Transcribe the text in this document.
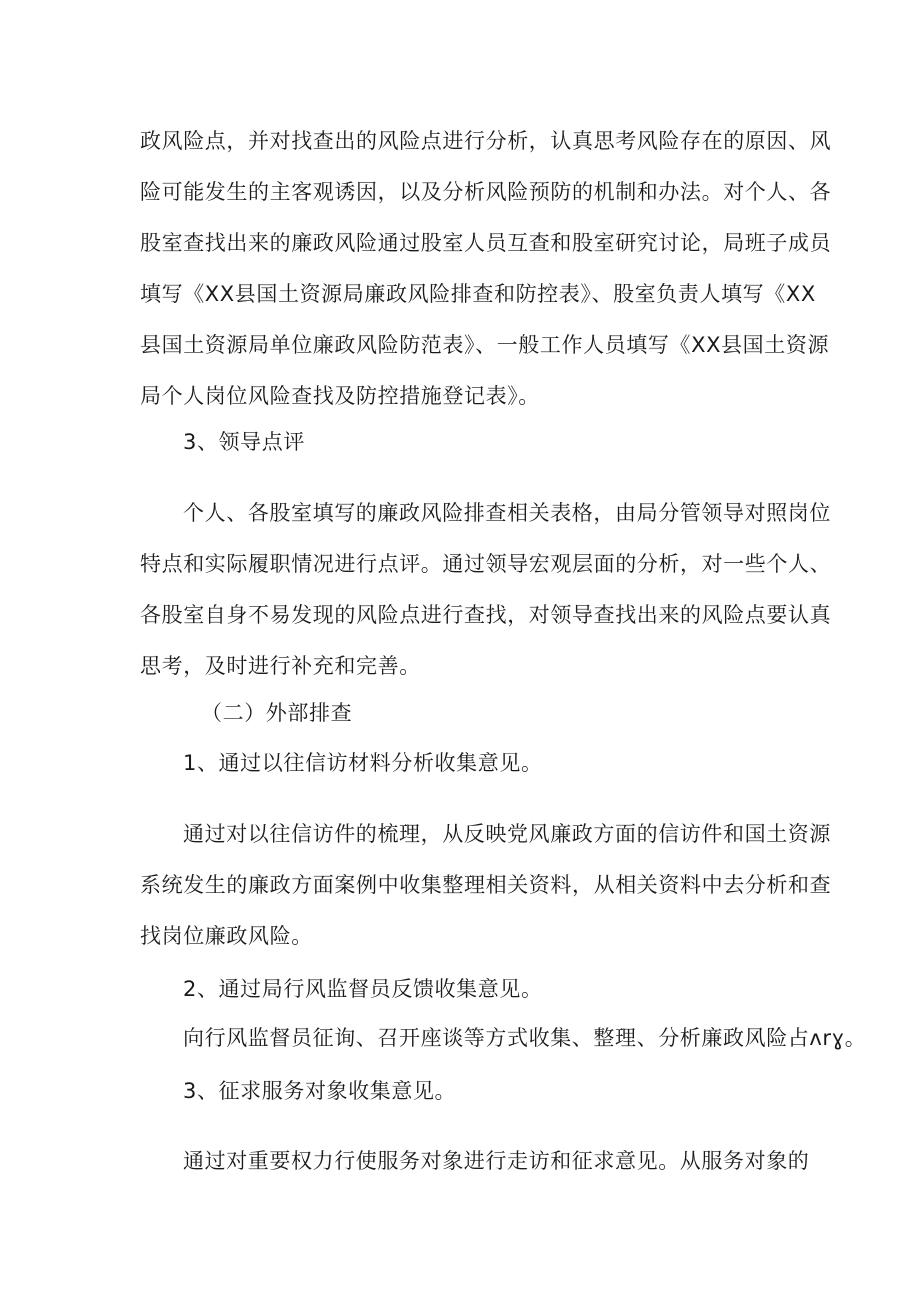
政风险点，并对找查出的风险点进行分析，认真思考风险存在的原因、风
险可能发生的主客观诱因，以及分析风险预防的机制和办法。对个人、各
股室查找出来的廉政风险通过股室人员互查和股室研究讨论，局班子成员
填写《XX县国土资源局廉政风险排查和防控表》、股室负责人填写《XX
县国土资源局单位廉政风险防范表》、一般工作人员填写《XX县国土资源
局个人岗位风险查找及防控措施登记表》。
3、领导点评
个人、各股室填写的廉政风险排查相关表格，由局分管领导对照岗位
特点和实际履职情况进行点评。通过领导宏观层面的分析，对一些个人、
各股室自身不易发现的风险点进行查找，对领导查找出来的风险点要认真
思考，及时进行补充和完善。
（二）外部排查
1、通过以往信访材料分析收集意见。
通过对以往信访件的梳理，从反映党风廉政方面的信访件和国土资源
系统发生的廉政方面案例中收集整理相关资料，从相关资料中去分析和查
找岗位廉政风险。
2、通过局行风监督员反馈收集意见。
向行风监督员征询、召开座谈等方式收集、整理、分析廉政风险占ʌrɣ。
3、征求服务对象收集意见。
通过对重要权力行使服务对象进行走访和征求意见。从服务对象的
